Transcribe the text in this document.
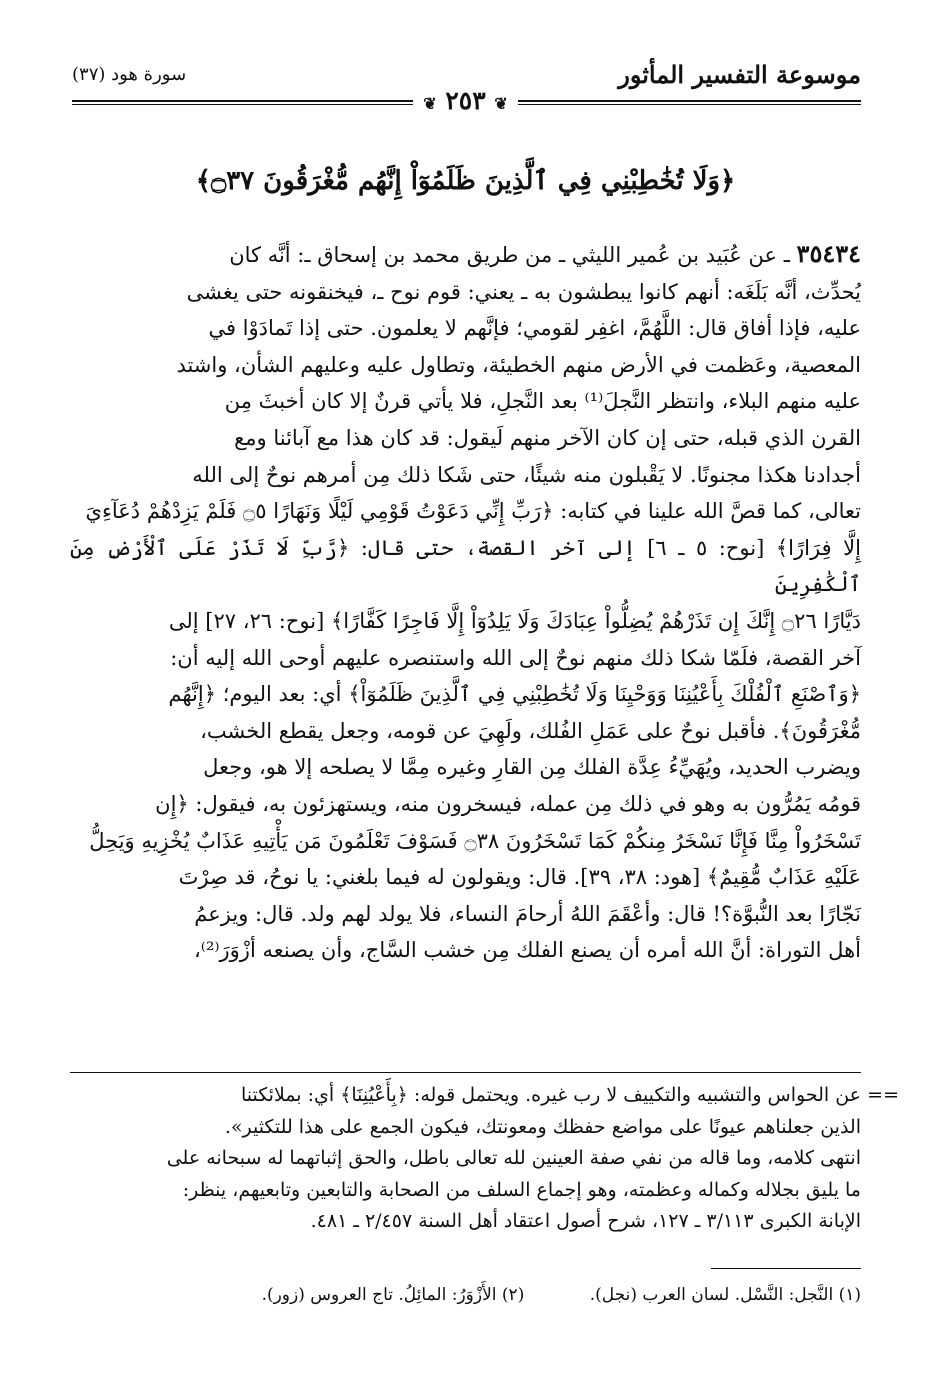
موسوعة التفسير المأثور
سورة هود (٣٧)
❦ ٢٥٣ ❦
﴿وَلَا تُخَٰطِبْنِي فِي ٱلَّذِينَ ظَلَمُوٓاْ إِنَّهُم مُّغْرَقُونَ ۝٣٧﴾

٣٥٤٣٤ ـ عن عُبَيد بن عُمير الليثي ـ من طريق محمد بن إسحاق ـ: أنَّه كان

يُحدِّث، أنَّه بَلَغَه: أنهم كانوا يبطشون به ـ يعني: قوم نوح ـ، فيخنقونه حتى يغشى

عليه، فإذا أفاق قال: اللَّهُمَّ، اغفِر لقومي؛ فإنَّهم لا يعلمون. حتى إذا تَمادَوْا في

المعصية، وعَظمت في الأرض منهم الخطيئة، وتطاول عليه وعليهم الشأن، واشتد

عليه منهم البلاء، وانتظر النَّجلَ⁽¹⁾ بعد النَّجلِ، فلا يأتي قرنٌ إلا كان أخبثَ مِن

القرن الذي قبله، حتى إن كان الآخر منهم لَيقول: قد كان هذا مع آبائنا ومع

أجدادنا هكذا مجنونًا. لا يَقْبلون منه شيئًا، حتى شَكا ذلك مِن أمرهم نوحٌ إلى الله

تعالى، كما قصَّ الله علينا في كتابه: ﴿رَبِّ إِنِّي دَعَوْتُ قَوْمِي لَيْلًا وَنَهَارًا ۝٥ فَلَمْ يَزِدْهُمْ دُعَآءِيَ

إِلَّا فِرَارًا﴾ [نوح: ٥ ـ ٦] إلى آخر القصة، حتى قال: ﴿رَّبِّ لَا تَذَرْ عَلَى ٱلْأَرْضِ مِنَ ٱلْكَٰفِرِينَ

دَيَّارًا ۝٢٦ إِنَّكَ إِن تَذَرْهُمْ يُضِلُّواْ عِبَادَكَ وَلَا يَلِدُوٓاْ إِلَّا فَاجِرًا كَفَّارًا﴾ [نوح: ٢٦، ٢٧] إلى

آخر القصة، فلَمّا شكا ذلك منهم نوحٌ إلى الله واستنصره عليهم أوحى الله إليه أن:

﴿وَٱصْنَعِ ٱلْفُلْكَ بِأَعْيُنِنَا وَوَحْيِنَا وَلَا تُخَٰطِبْنِي فِي ٱلَّذِينَ ظَلَمُوٓاْ﴾ أي: بعد اليوم؛ ﴿إِنَّهُم

مُّغْرَقُونَ﴾. فأقبل نوحٌ على عَمَلِ الفُلك، ولَهِيَ عن قومه، وجعل يقطع الخشب،

ويضرب الحديد، ويُهَيِّءُ عِدَّة الفلك مِن القارِ وغيره مِمَّا لا يصلحه إلا هو، وجعل

قومُه يَمُرُّون به وهو في ذلك مِن عمله، فيسخرون منه، ويستهزئون به، فيقول: ﴿إِن

تَسْخَرُواْ مِنَّا فَإِنَّا نَسْخَرُ مِنكُمْ كَمَا تَسْخَرُونَ ۝٣٨ فَسَوْفَ تَعْلَمُونَ مَن يَأْتِيهِ عَذَابٌ يُخْزِيهِ وَيَحِلُّ

عَلَيْهِ عَذَابٌ مُّقِيمٌ﴾ [هود: ٣٨، ٣٩]. قال: ويقولون له فيما بلغني: يا نوحُ، قد صِرْتَ

نَجّارًا بعد النُّبوَّة؟! قال: وأعْقَمَ اللهُ أرحامَ النساء، فلا يولد لهم ولد. قال: ويزعمُ

أهل التوراة: أنَّ الله أمره أن يصنع الفلك مِن خشب السَّاج، وأن يصنعه أزْوَرَ⁽²⁾،

==

عن الحواس والتشبيه والتكييف لا رب غيره. ويحتمل قوله: ﴿بِأَعْيُنِنَا﴾ أي: بملائكتنا

الذين جعلناهم عيونًا على مواضع حفظك ومعونتك، فيكون الجمع على هذا للتكثير».

انتهى كلامه، وما قاله من نفي صفة العينين لله تعالى باطل، والحق إثباتهما له سبحانه على

ما يليق بجلاله وكماله وعظمته، وهو إجماع السلف من الصحابة والتابعين وتابعيهم، ينظر:

الإبانة الكبرى ٣/١١٣ ـ ١٢٧، شرح أصول اعتقاد أهل السنة ٢/٤٥٧ ـ ٤٨١.

(١) النَّجل: النَّسْل. لسان العرب (نجل). (٢) الأَزْوَرُ: المائِلُ. تاج العروس (زور).
